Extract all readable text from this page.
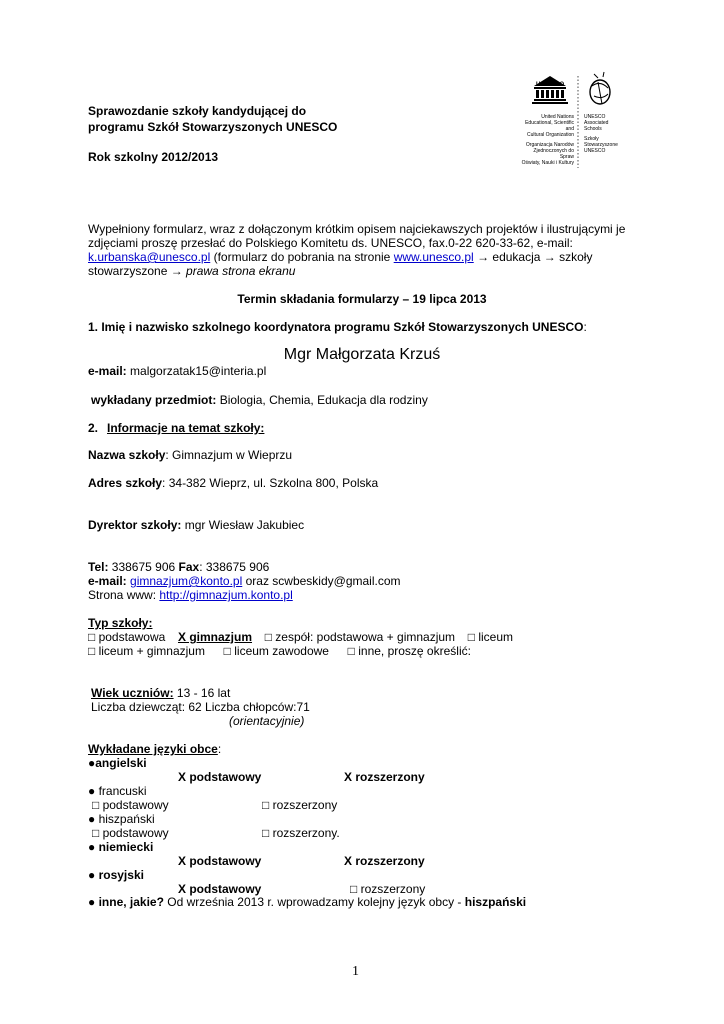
Sprawozdanie szkoły kandydującej do
programu Szkół Stowarzyszonych UNESCO
Rok szkolny 2012/2013
UNESCO
United Nations
Educational, Scientific and
Cultural Organization
Organizacja Narodów
Zjednoczonych do Spraw
Oświaty, Nauki i Kultury
UNESCO
Associated
Schools
Szkoły
Stowarzyszone
UNESCO
Wypełniony formularz, wraz z dołączonym krótkim opisem najciekawszych projektów i ilustrującymi je
zdjęciami proszę przesłać do Polskiego Komitetu ds. UNESCO, fax.0-22 620-33-62, e-mail:
k.urbanska@unesco.pl (formularz do pobrania na stronie www.unesco.pl → edukacja → szkoły
stowarzyszone → prawa strona ekranu
Termin składania formularzy – 19 lipca 2013
1. Imię i nazwisko szkolnego koordynatora programu Szkół Stowarzyszonych UNESCO:
Mgr Małgorzata Krzuś
e-mail: malgorzatak15@interia.pl
wykładany przedmiot: Biologia, Chemia, Edukacja dla rodziny
2. Informacje na temat szkoły:
Nazwa szkoły: Gimnazjum w Wieprzu
Adres szkoły: 34-382 Wieprz, ul. Szkolna 800, Polska
Dyrektor szkoły: mgr Wiesław Jakubiec
Tel: 338675 906 Fax: 338675 906
e-mail: gimnazjum@konto.pl oraz scwbeskidy@gmail.com
Strona www: http://gimnazjum.konto.pl
Typ szkoły:
□ podstawowa X gimnazjum □ zespół: podstawowa + gimnazjum □ liceum
□ liceum + gimnazjum □ liceum zawodowe □ inne, proszę określić:
Wiek uczniów: 13 - 16 lat
Liczba dziewcząt: 62 Liczba chłopców:71
(orientacyjnie)
Wykładane języki obce:
●angielski
X podstawowy	X rozszerzony
● francuski
□ podstawowy	□ rozszerzony
● hiszpański
□ podstawowy	□ rozszerzony.
● niemiecki
X podstawowy	X rozszerzony
● rosyjski
X podstawowy	□ rozszerzony
● inne, jakie? Od września 2013 r. wprowadzamy kolejny język obcy - hiszpański
1
